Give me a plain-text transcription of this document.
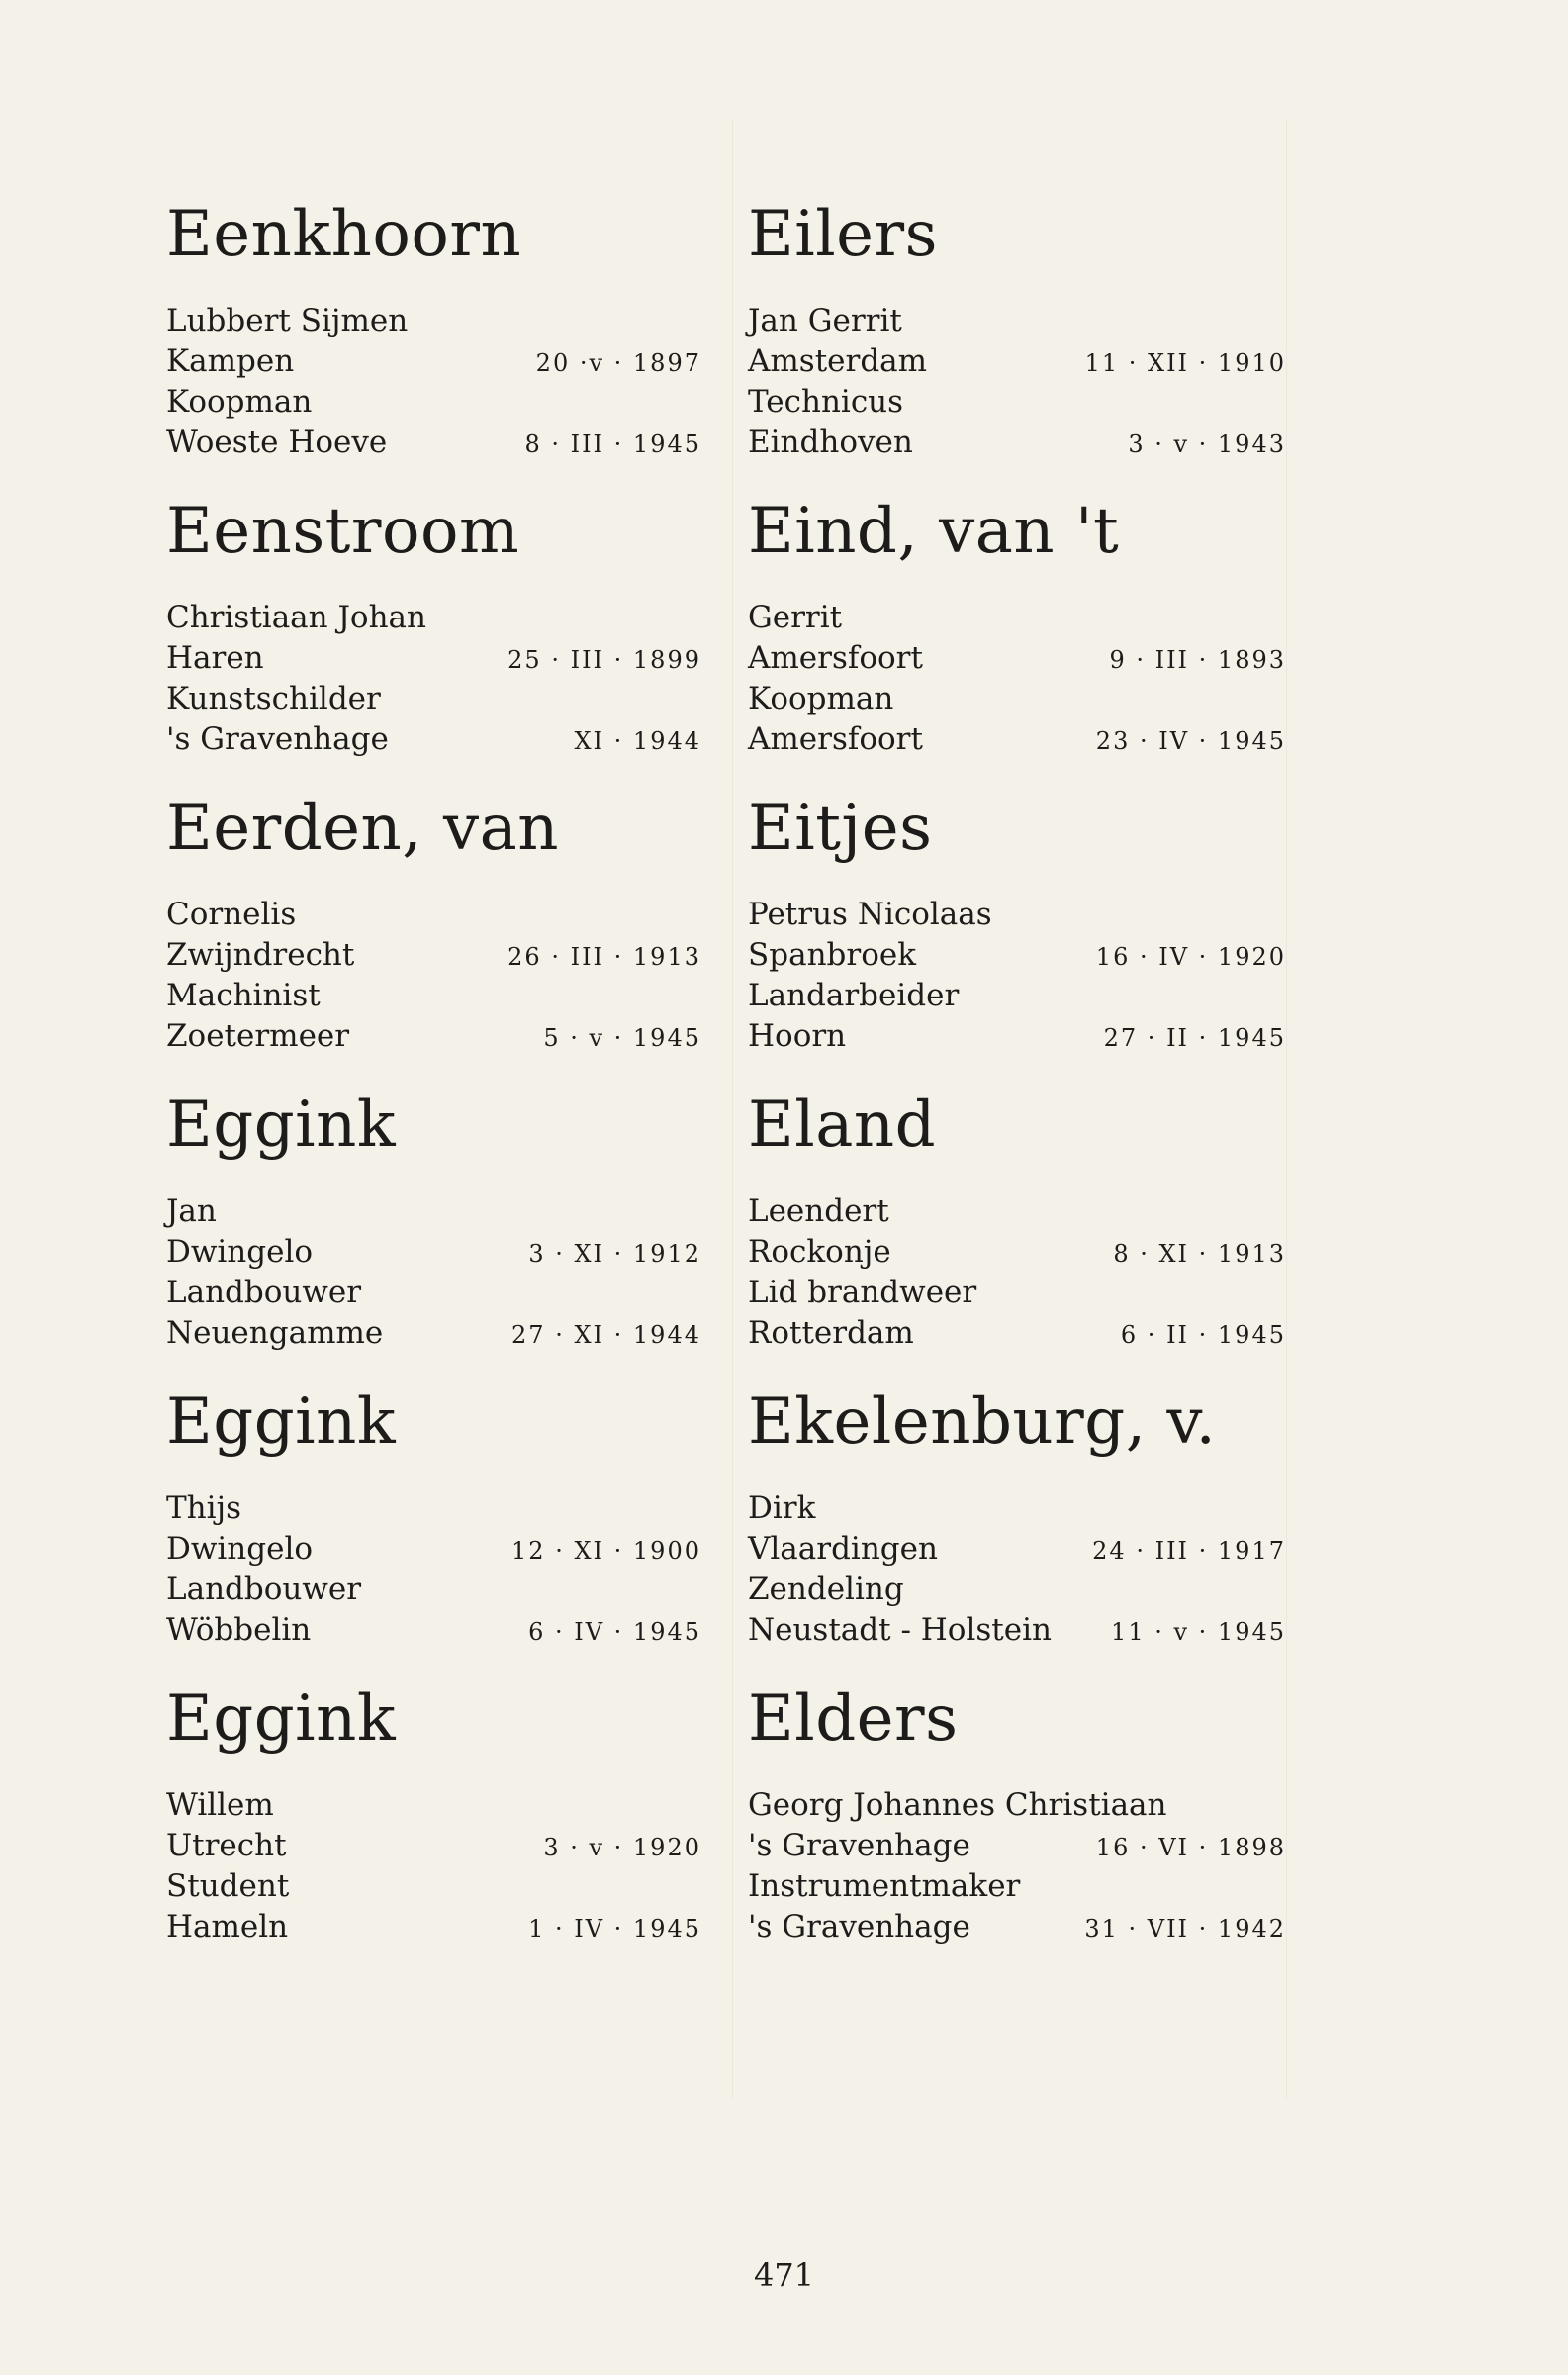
Eenkhoorn
Lubbert Sijmen
Kampen	20 ·v · 1897
Koopman
Woeste Hoeve	8 · III · 1945
Eenstroom
Christiaan Johan
Haren	25 · III · 1899
Kunstschilder
's Gravenhage	XI · 1944
Eerden, van
Cornelis
Zwijndrecht	26 · III · 1913
Machinist
Zoetermeer	5 · v · 1945
Eggink
Jan
Dwingelo	3 · XI · 1912
Landbouwer
Neuengamme	27 · XI · 1944
Eggink
Thijs
Dwingelo	12 · XI · 1900
Landbouwer
Wöbbelin	6 · IV · 1945
Eggink
Willem
Utrecht	3 · v · 1920
Student
Hameln	1 · IV · 1945
Eilers
Jan Gerrit
Amsterdam	11 · XII · 1910
Technicus
Eindhoven	3 · v · 1943
Eind, van 't
Gerrit
Amersfoort	9 · III · 1893
Koopman
Amersfoort	23 · IV · 1945
Eitjes
Petrus Nicolaas
Spanbroek	16 · IV · 1920
Landarbeider
Hoorn	27 · II · 1945
Eland
Leendert
Rockonje	8 · XI · 1913
Lid brandweer
Rotterdam	6 · II · 1945
Ekelenburg, v.
Dirk
Vlaardingen	24 · III · 1917
Zendeling
Neustadt - Holstein	11 · v · 1945
Elders
Georg Johannes Christiaan
's Gravenhage	16 · VI · 1898
Instrumentmaker
's Gravenhage	31 · VII · 1942
471
